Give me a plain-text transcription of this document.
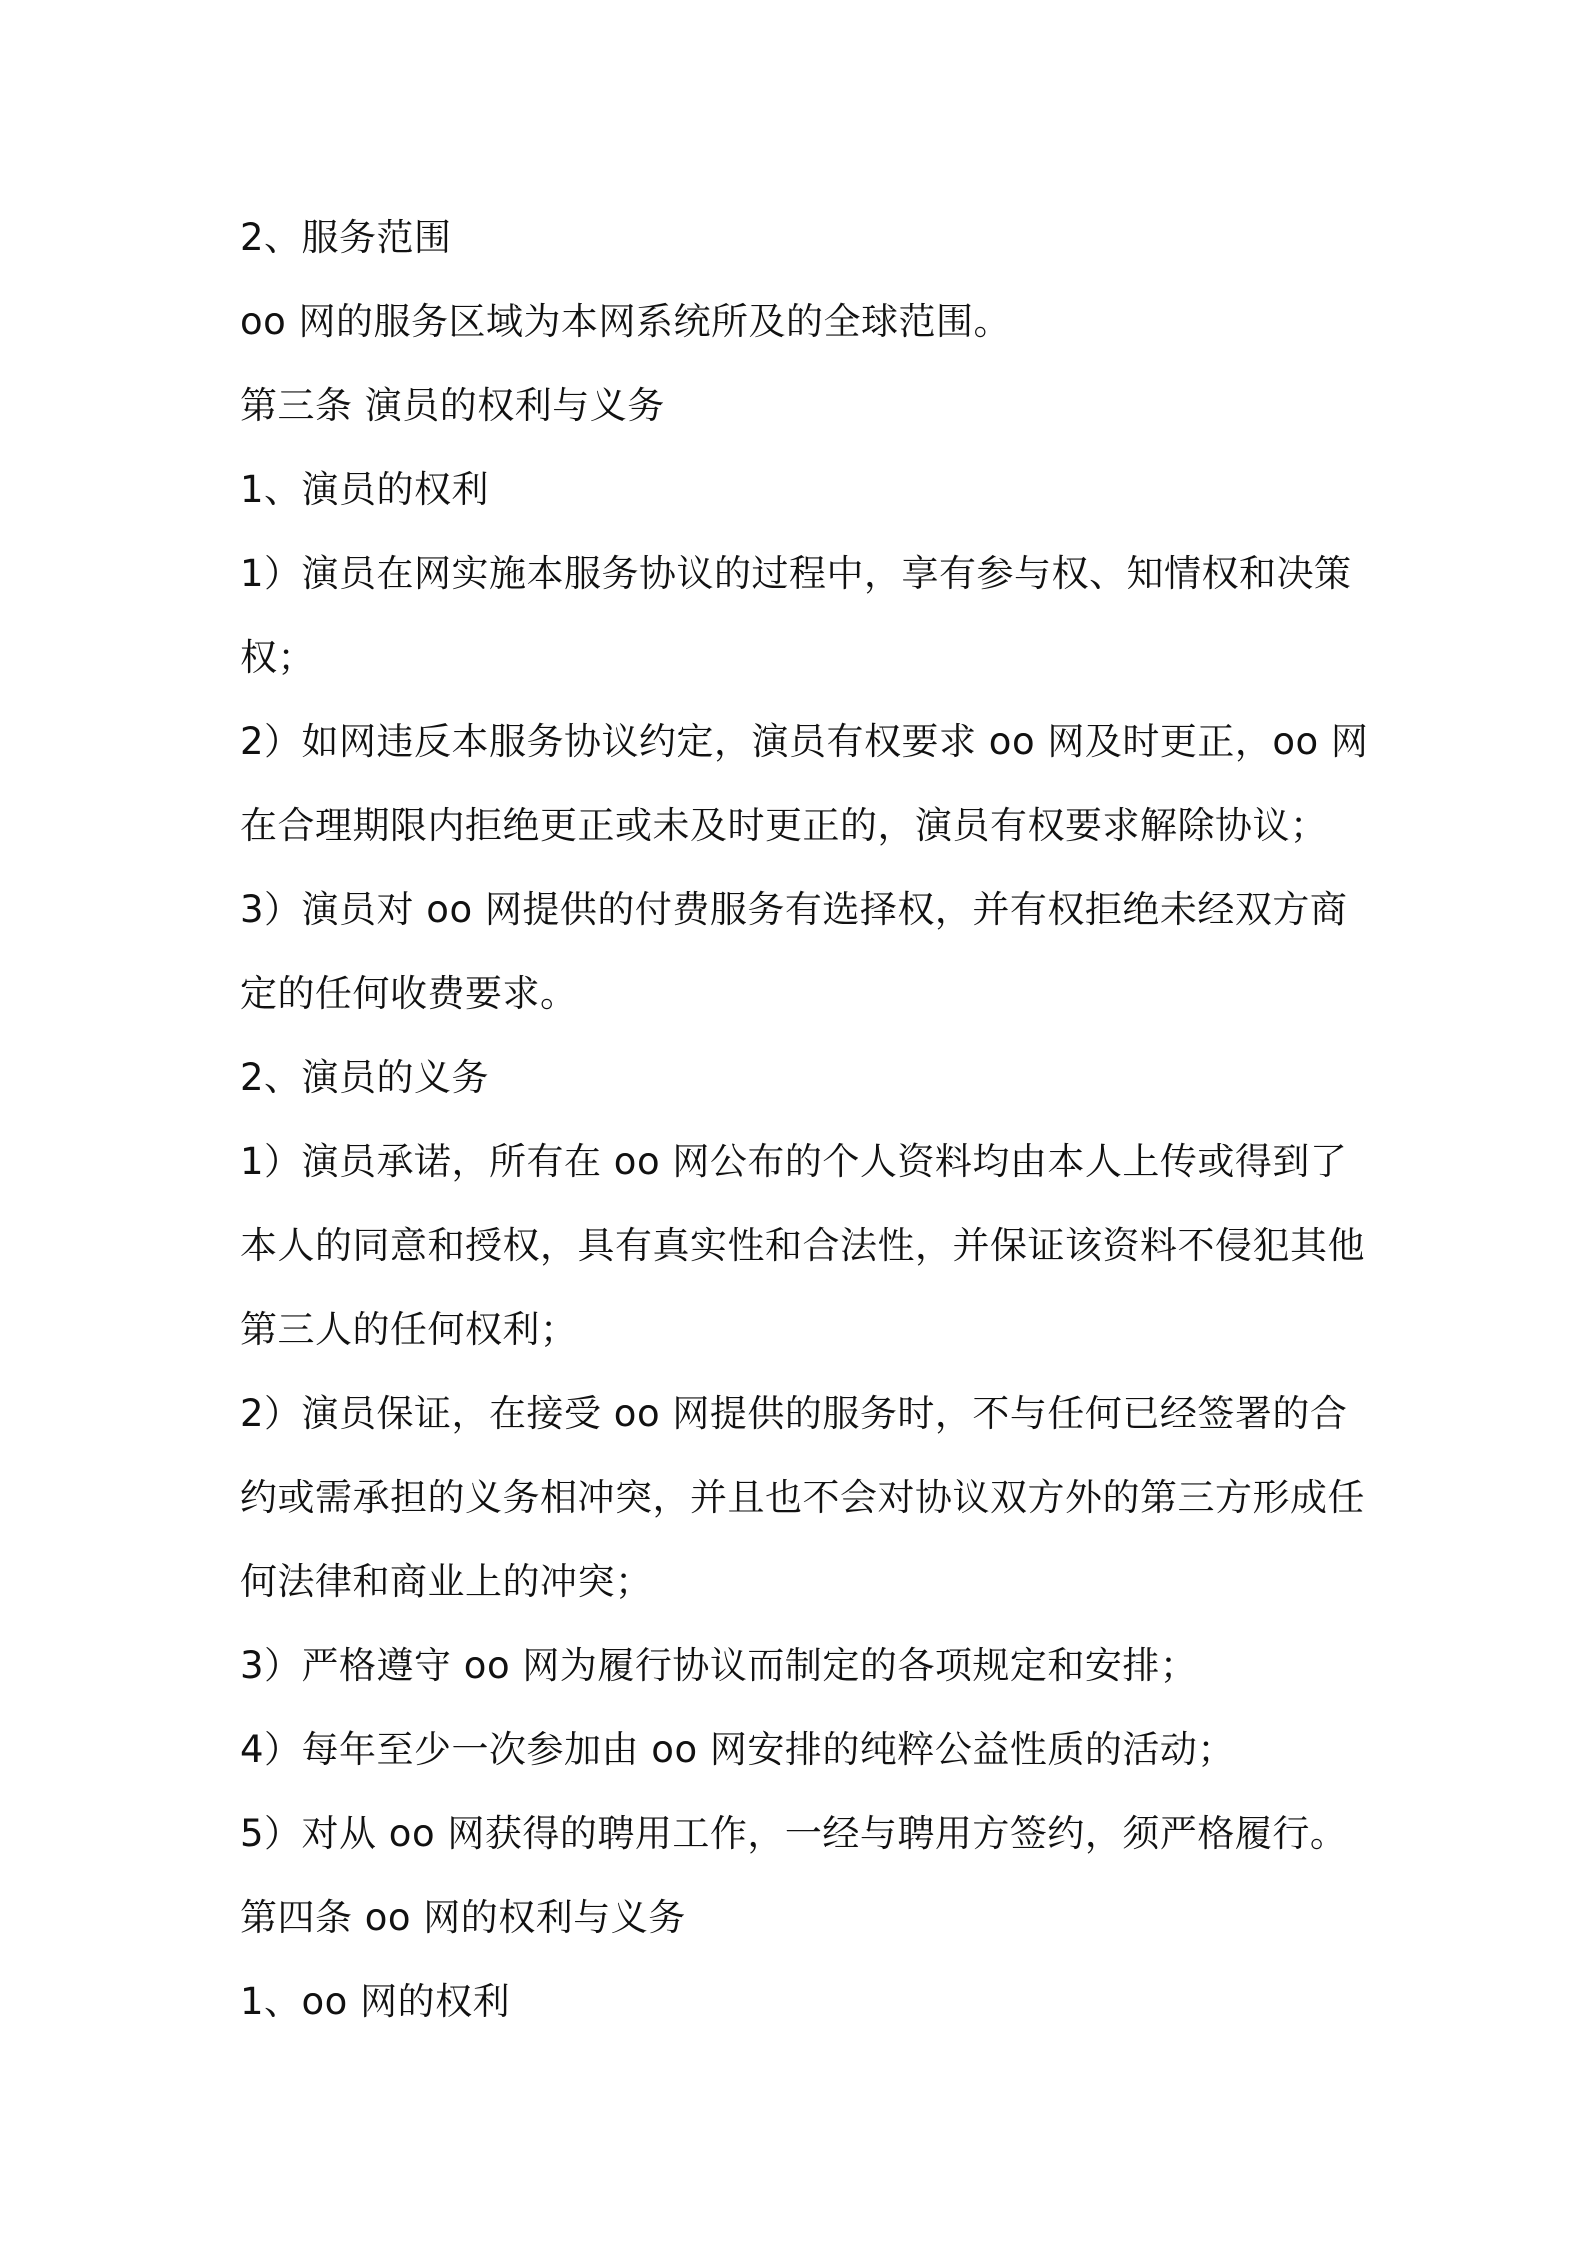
2、服务范围

oo 网的服务区域为本网系统所及的全球范围。

第三条 演员的权利与义务

1、演员的权利

1）演员在网实施本服务协议的过程中，享有参与权、知情权和决策

权；

2）如网违反本服务协议约定，演员有权要求 oo 网及时更正，oo 网

在合理期限内拒绝更正或未及时更正的，演员有权要求解除协议；

3）演员对 oo 网提供的付费服务有选择权，并有权拒绝未经双方商

定的任何收费要求。

2、演员的义务

1）演员承诺，所有在 oo 网公布的个人资料均由本人上传或得到了

本人的同意和授权，具有真实性和合法性，并保证该资料不侵犯其他

第三人的任何权利；

2）演员保证，在接受 oo 网提供的服务时，不与任何已经签署的合

约或需承担的义务相冲突，并且也不会对协议双方外的第三方形成任

何法律和商业上的冲突；

3）严格遵守 oo 网为履行协议而制定的各项规定和安排；

4）每年至少一次参加由 oo 网安排的纯粹公益性质的活动；

5）对从 oo 网获得的聘用工作，一经与聘用方签约，须严格履行。

第四条 oo 网的权利与义务

1、oo 网的权利
